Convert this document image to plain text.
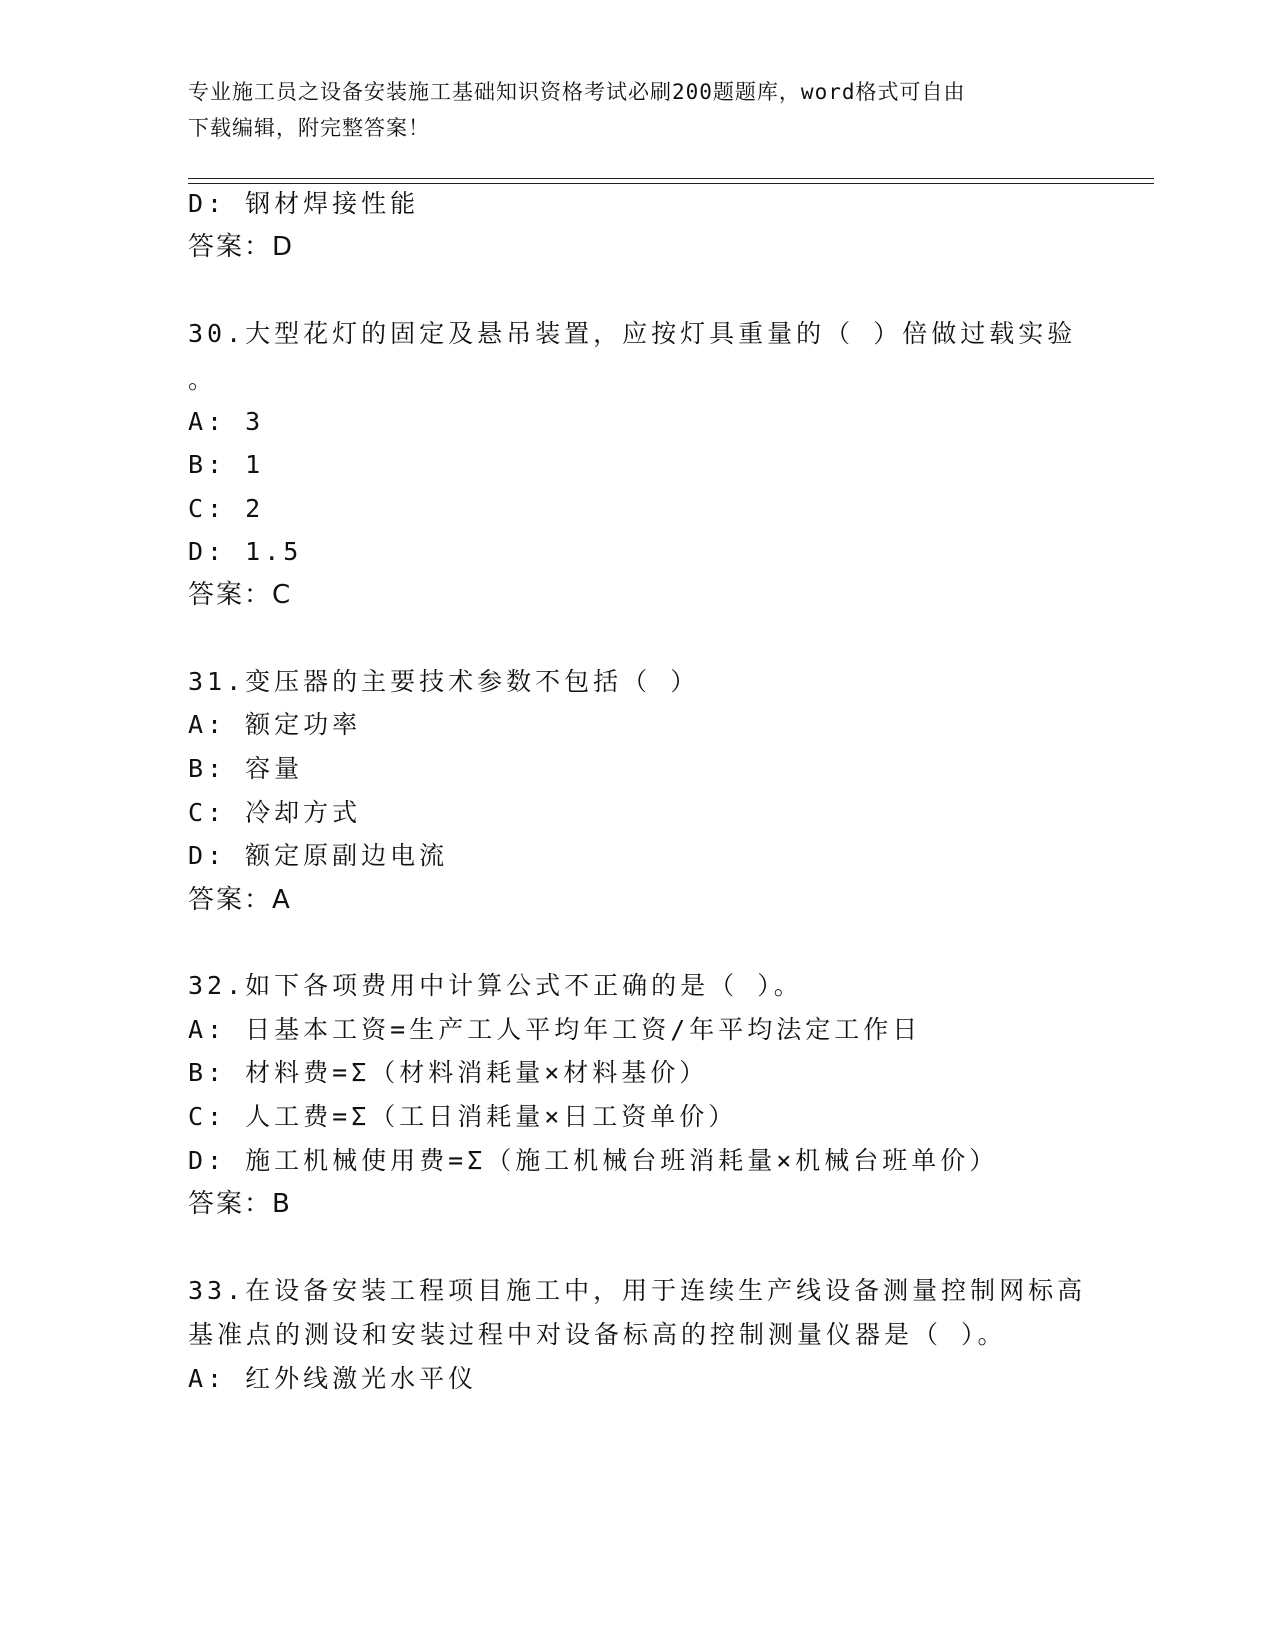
专业施工员之设备安装施工基础知识资格考试必刷200题题库，word格式可自由
下载编辑，附完整答案！
D: 钢材焊接性能
答案：D
30.大型花灯的固定及悬吊装置，应按灯具重量的（ ）倍做过载实验
。
A: 3
B: 1
C: 2
D: 1.5
答案：C
31.变压器的主要技术参数不包括（ ）
A: 额定功率
B: 容量
C: 冷却方式
D: 额定原副边电流
答案：A
32.如下各项费用中计算公式不正确的是（ ）。
A: 日基本工资=生产工人平均年工资/年平均法定工作日
B: 材料费=Σ（材料消耗量×材料基价）
C: 人工费=Σ（工日消耗量×日工资单价）
D: 施工机械使用费=Σ（施工机械台班消耗量×机械台班单价）
答案：B
33.在设备安装工程项目施工中，用于连续生产线设备测量控制网标高
基准点的测设和安装过程中对设备标高的控制测量仪器是（ ）。
A: 红外线激光水平仪
